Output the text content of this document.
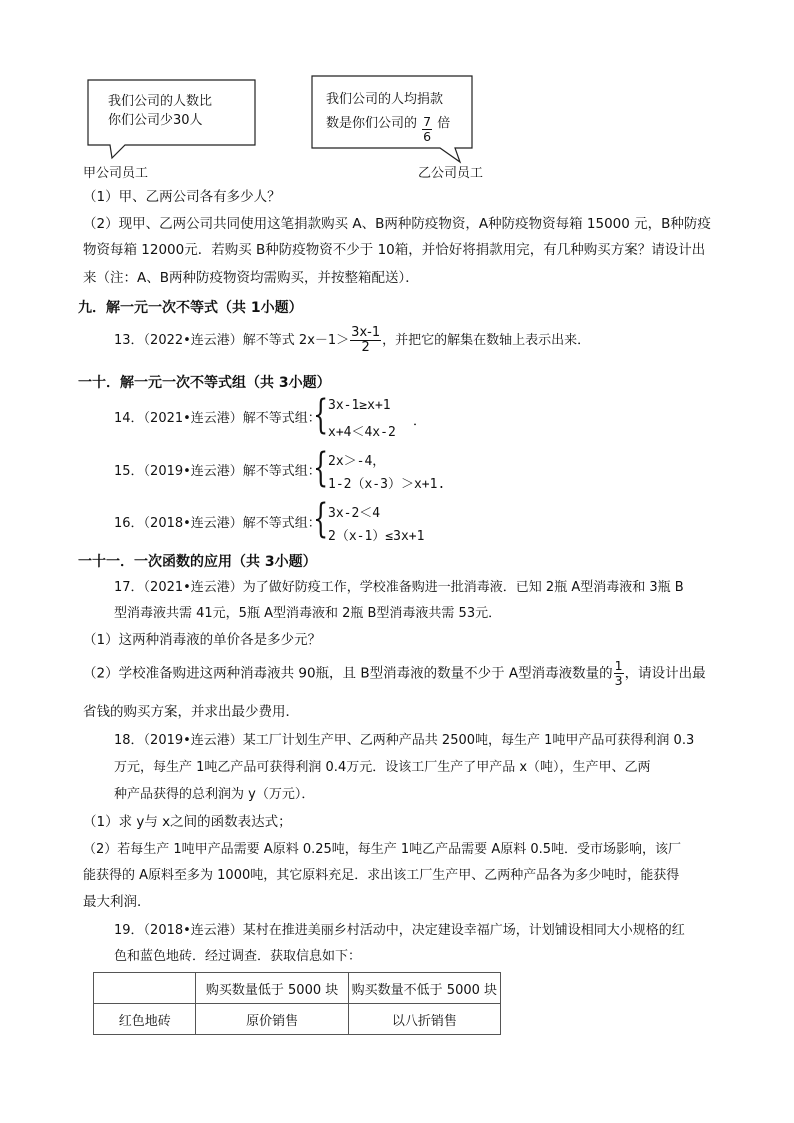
我们公司的人数比
你们公司少30人
甲公司员工
我们公司的人均捐款
数是你们公司的 $\frac{7}{6}$ 倍
乙公司员工
（1）甲、乙两公司各有多少人？
（2）现甲、乙两公司共同使用这笔捐款购买 A、B两种防疫物资，A种防疫物资每箱 15000 元，B种防疫
物资每箱 12000元．若购买 B种防疫物资不少于 10箱，并恰好将捐款用完，有几种购买方案？请设计出
来（注：A、B两种防疫物资均需购买，并按整箱配送）．
九．解一元一次不等式（共 1小题）
13．（2022•连云港）解不等式 $2x-1> \frac{3x-1}{2}$ ，并把它的解集在数轴上表示出来．
一十．解一元一次不等式组（共 3小题）
14．（2021•连云港）解不等式组：
{ 3x-1≥x+1
x+4＜4x-2
．
15．（2019•连云港）解不等式组：
{ 2x＞-4，
1-2（x-3）＞x+1.
16．（2018•连云港）解不等式组：
{ 3x-2＜4
2（x-1）≤3x+1
一十一．一次函数的应用（共 3小题）
17．（2021•连云港）为了做好防疫工作，学校准备购进一批消毒液．已知 2瓶 A型消毒液和 3瓶 B
型消毒液共需 41元，5瓶 A型消毒液和 2瓶 B型消毒液共需 53元．
（1）这两种消毒液的单价各是多少元？
（2）学校准备购进这两种消毒液共 90瓶，且 B型消毒液的数量不少于 A型消毒液数量的 $\frac{1}{3}$ ，请设计出最
省钱的购买方案，并求出最少费用．
18．（2019•连云港）某工厂计划生产甲、乙两种产品共 2500吨，每生产 1吨甲产品可获得利润 0.3
万元，每生产 1吨乙产品可获得利润 0.4万元．设该工厂生产了甲产品 x（吨），生产甲、乙两
种产品获得的总利润为 y（万元）．
（1）求 y与 x之间的函数表达式；
（2）若每生产 1吨甲产品需要 A原料 0.25吨，每生产 1吨乙产品需要 A原料 0.5吨．受市场影响，该厂
能获得的 A原料至多为 1000吨，其它原料充足．求出该工厂生产甲、乙两种产品各为多少吨时，能获得
最大利润．
19．（2018•连云港）某村在推进美丽乡村活动中，决定建设幸福广场，计划铺设相同大小规格的红
色和蓝色地砖．经过调查．获取信息如下：
	购买数量低于 5000 块	购买数量不低于 5000 块
红色地砖	原价销售	以八折销售
